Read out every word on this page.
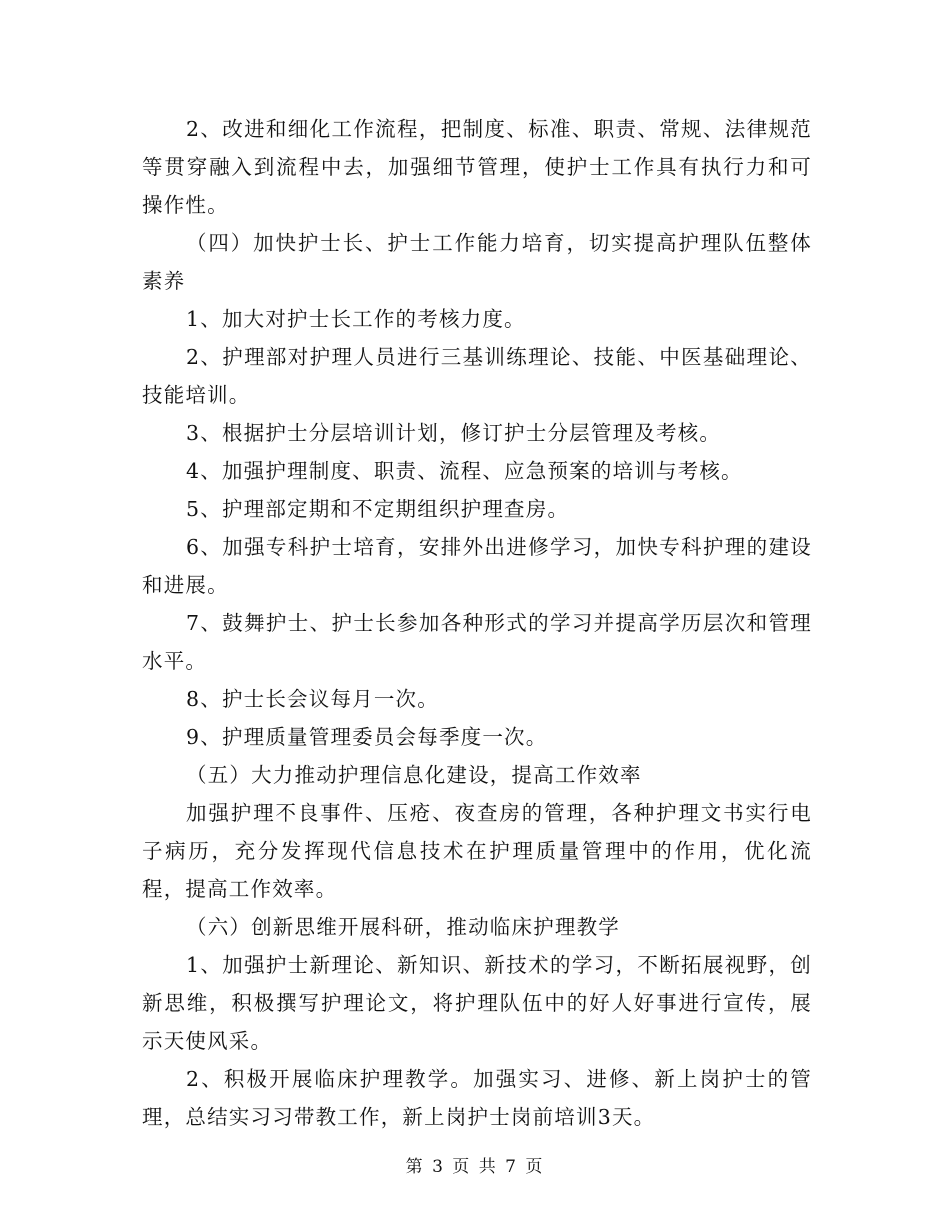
2、改进和细化工作流程，把制度、标准、职责、常规、法律规范等贯穿融入到流程中去，加强细节管理，使护士工作具有执行力和可操作性。

（四）加快护士长、护士工作能力培育，切实提高护理队伍整体素养

1、加大对护士长工作的考核力度。

2、护理部对护理人员进行三基训练理论、技能、中医基础理论、技能培训。

3、根据护士分层培训计划，修订护士分层管理及考核。

4、加强护理制度、职责、流程、应急预案的培训与考核。

5、护理部定期和不定期组织护理查房。

6、加强专科护士培育，安排外出进修学习，加快专科护理的建设和进展。

7、鼓舞护士、护士长参加各种形式的学习并提高学历层次和管理水平。

8、护士长会议每月一次。

9、护理质量管理委员会每季度一次。

（五）大力推动护理信息化建设，提高工作效率

加强护理不良事件、压疮、夜查房的管理，各种护理文书实行电子病历，充分发挥现代信息技术在护理质量管理中的作用，优化流程，提高工作效率。

（六）创新思维开展科研，推动临床护理教学

1、加强护士新理论、新知识、新技术的学习，不断拓展视野，创新思维，积极撰写护理论文，将护理队伍中的好人好事进行宣传，展示天使风采。

2、积极开展临床护理教学。加强实习、进修、新上岗护士的管理，总结实习习带教工作，新上岗护士岗前培训3天。

第 3 页 共 7 页
